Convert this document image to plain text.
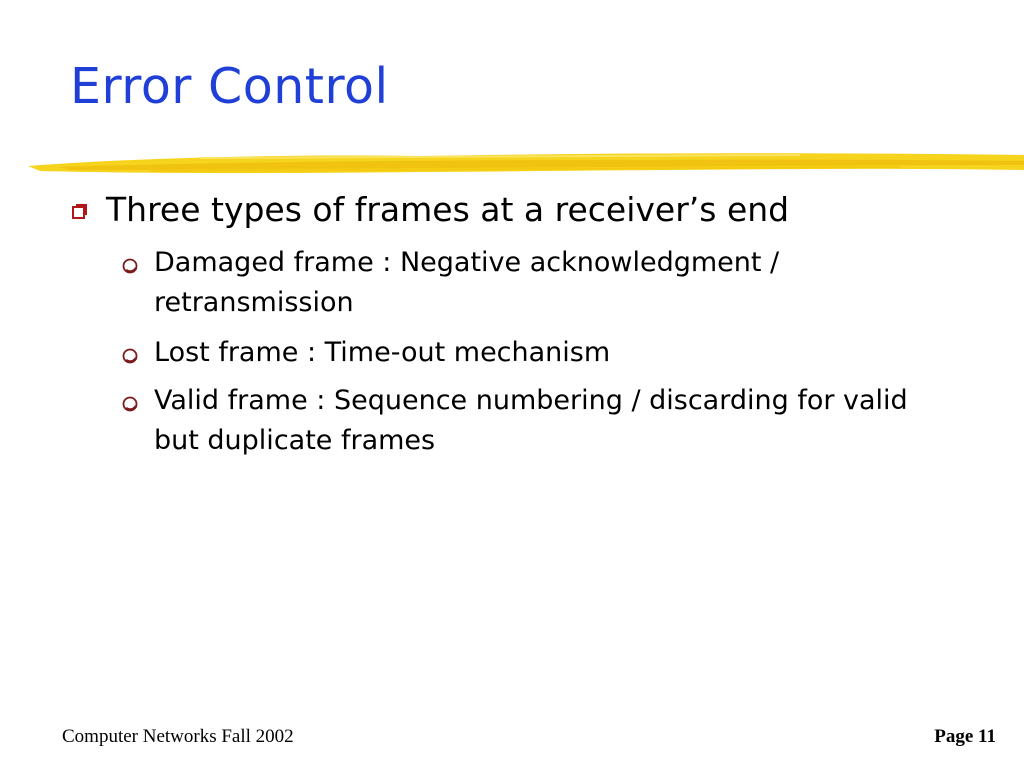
Error Control
Three types of frames at a receiver’s end
Damaged frame : Negative acknowledgment / retransmission
Lost frame : Time-out mechanism
Valid frame : Sequence numbering / discarding for valid but duplicate frames
Computer Networks Fall 2002	Page 11
